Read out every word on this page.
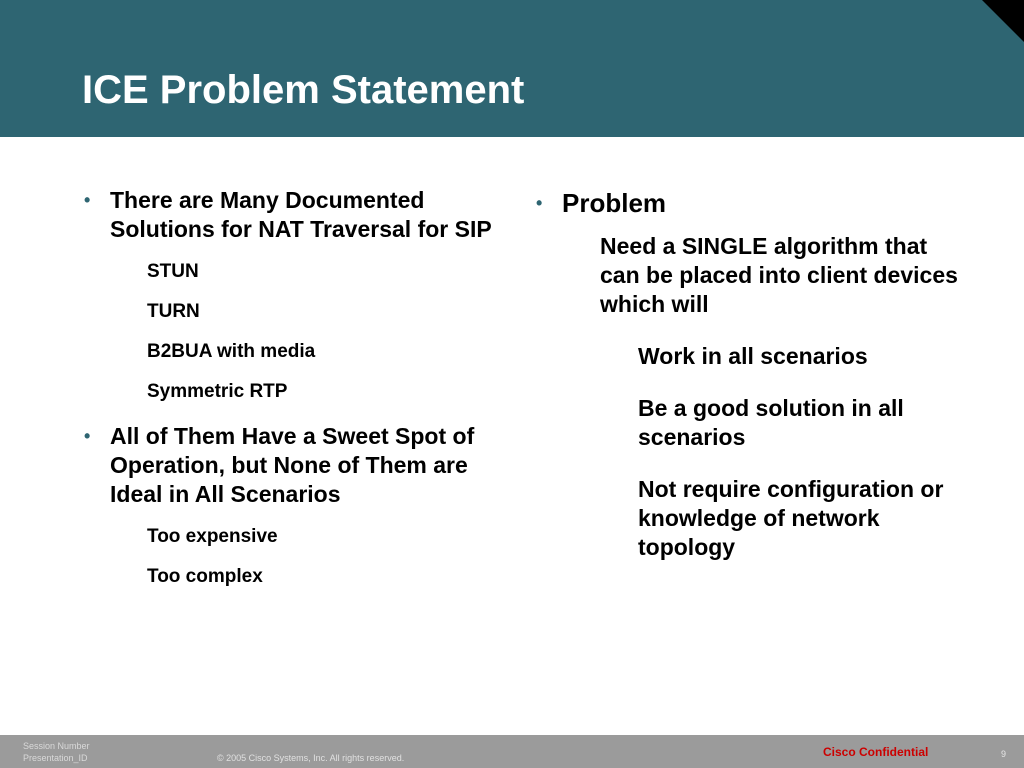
ICE Problem Statement
• There are Many Documented Solutions for NAT Traversal for SIP

STUN

TURN

B2BUA with media

Symmetric RTP

• All of Them Have a Sweet Spot of Operation, but None of Them are Ideal in All Scenarios

Too expensive

Too complex

• Problem

Need a SINGLE algorithm that can be placed into client devices which will

Work in all scenarios

Be a good solution in all scenarios

Not require configuration or knowledge of network topology

Session Number
Presentation_ID	© 2005 Cisco Systems, Inc. All rights reserved.	Cisco Confidential	9
